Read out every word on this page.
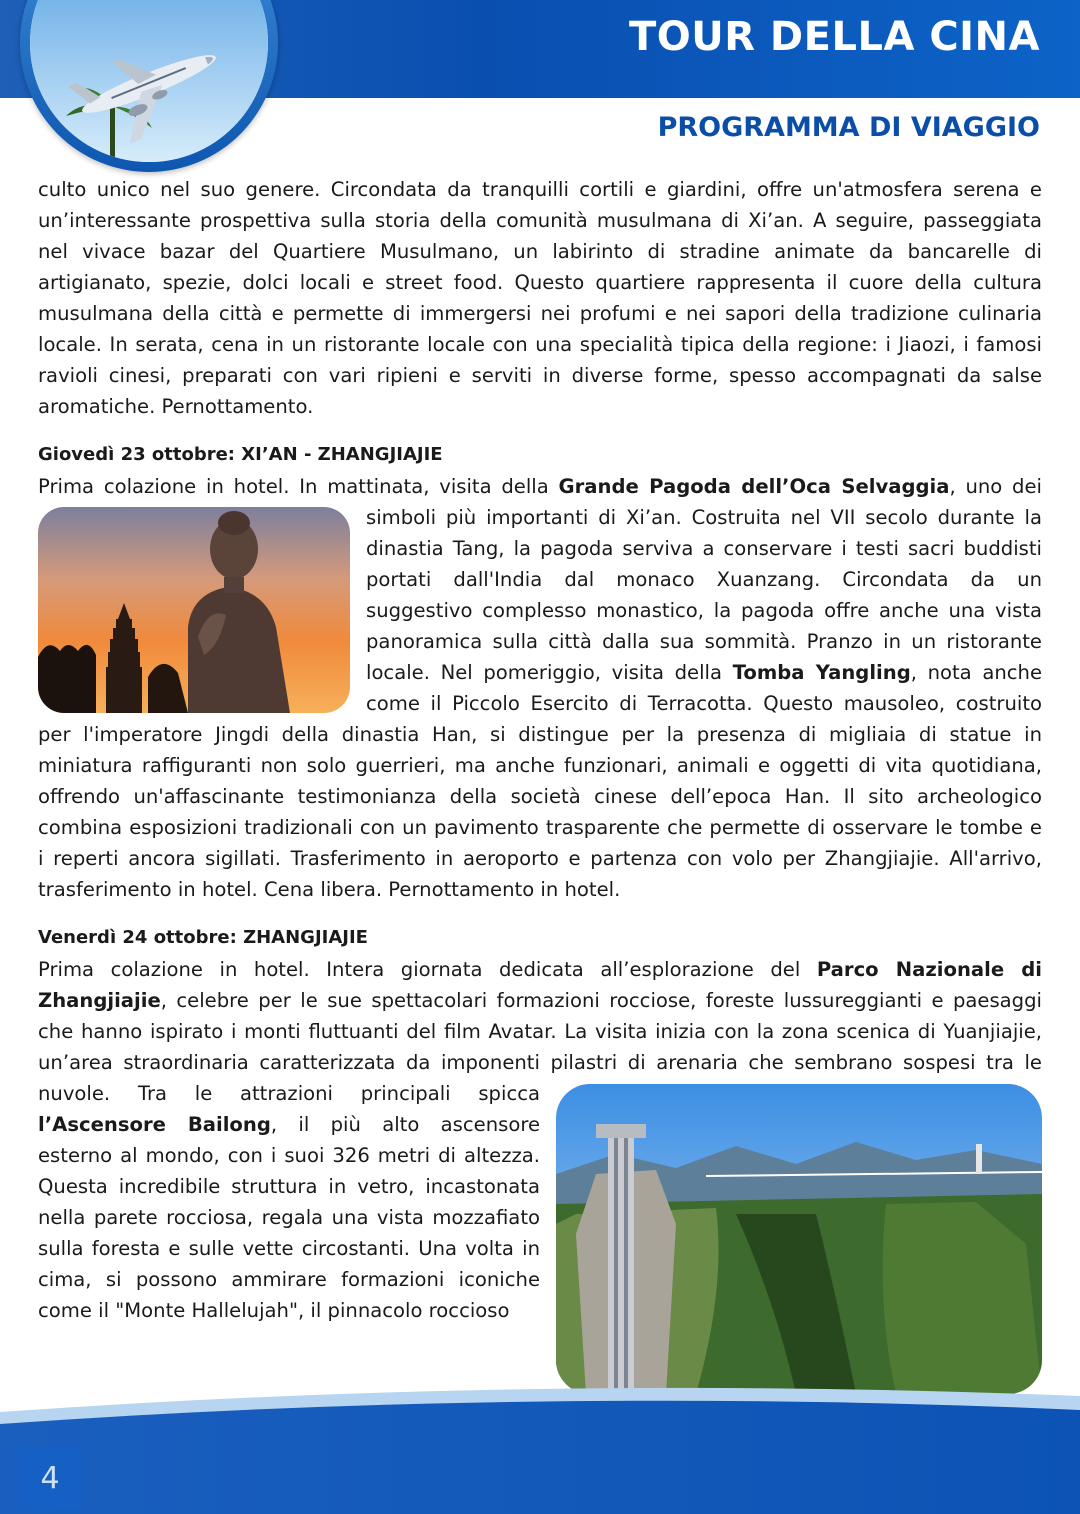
TOUR DELLA CINA
PROGRAMMA DI VIAGGIO

culto unico nel suo genere. Circondata da tranquilli cortili e giardini, offre un'atmosfera serena e un’interessante prospettiva sulla storia della comunità musulmana di Xi’an. A seguire, passeggiata nel vivace bazar del Quartiere Musulmano, un labirinto di stradine animate da bancarelle di artigianato, spezie, dolci locali e street food. Questo quartiere rappresenta il cuore della cultura musulmana della città e permette di immergersi nei profumi e nei sapori della tradizione culinaria locale. In serata, cena in un ristorante locale con una specialità tipica della regione: i Jiaozi, i famosi ravioli cinesi, preparati con vari ripieni e serviti in diverse forme, spesso accompagnati da salse aromatiche. Pernottamento.

Giovedì 23 ottobre: XI’AN - ZHANGJIAJIE

Prima colazione in hotel. In mattinata, visita della Grande Pagoda dell’Oca Selvaggia
, uno dei simboli più importanti di Xi’an. Costruita nel VII secolo durante la dinastia Tang, la pagoda serviva a conservare i testi sacri buddisti portati dall'India dal monaco Xuanzang. Circondata da un suggestivo complesso monastico, la pagoda offre anche una vista panoramica sulla città dalla sua sommità. Pranzo in un ristorante locale. Nel pomeriggio, visita della Tomba Yangling, nota anche come il Piccolo Esercito di Terracotta. Questo mausoleo, costruito per l'imperatore Jingdi della dinastia Han, si distingue per la presenza di migliaia di statue in miniatura raffiguranti non solo guerrieri, ma anche funzionari, animali e oggetti di vita quotidiana, offrendo un'affascinante testimonianza della società cinese dell’epoca Han. Il sito archeologico combina esposizioni tradizionali con un pavimento trasparente che permette di osservare le tombe e i reperti ancora sigillati. Trasferimento in aeroporto e partenza con volo per Zhangjiajie. All'arrivo, trasferimento in hotel. Cena libera. Pernottamento in hotel.

Venerdì 24 ottobre: ZHANGJIAJIE

Prima colazione in hotel. Intera giornata dedicata all’esplorazione del Parco Nazionale di Zhangjiajie, celebre per le sue spettacolari formazioni rocciose, foreste lussureggianti e paesaggi che hanno ispirato i monti fluttuanti del film Avatar. La visita inizia con la zona scenica di Yuanjiajie, un’area straordinaria caratterizzata da imponenti pilastri di arenaria che sembrano sospesi tra le nuvole. Tra le attrazioni principali spicca
l’Ascensore Bailong, il più alto ascensore esterno al mondo, con i suoi 326 metri di altezza. Questa incredibile struttura in vetro, incastonata nella parete rocciosa, regala una vista mozzafiato sulla foresta e sulle vette circostanti. Una volta in cima, si possono ammirare formazioni iconiche come il "Monte Hallelujah", il pinnacolo roccioso

4
